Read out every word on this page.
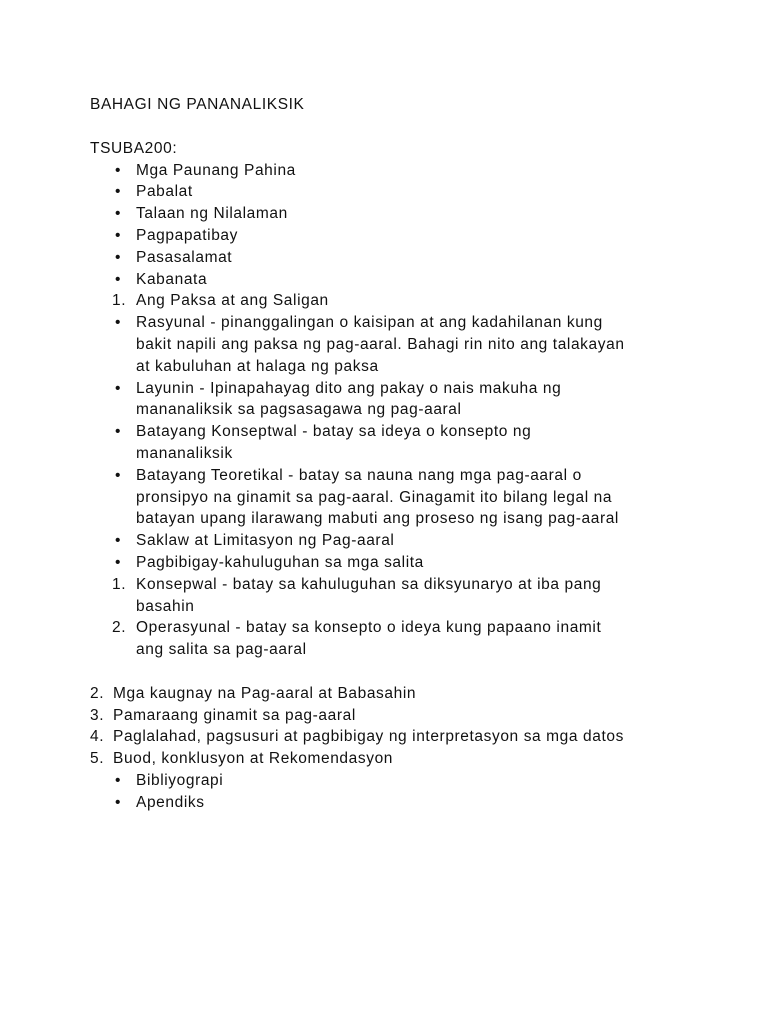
BAHAGI NG PANANALIKSIK
TSUBA200:
• Mga Paunang Pahina
• Pabalat
• Talaan ng Nilalaman
• Pagpapatibay
• Pasasalamat
• Kabanata
1. Ang Paksa at ang Saligan
• Rasyunal - pinanggalingan o kaisipan at ang kadahilanan kung
bakit napili ang paksa ng pag-aaral. Bahagi rin nito ang talakayan
at kabuluhan at halaga ng paksa
• Layunin - Ipinapahayag dito ang pakay o nais makuha ng
mananaliksik sa pagsasagawa ng pag-aaral
• Batayang Konseptwal - batay sa ideya o konsepto ng
mananaliksik
• Batayang Teoretikal - batay sa nauna nang mga pag-aaral o
pronsipyo na ginamit sa pag-aaral. Ginagamit ito bilang legal na
batayan upang ilarawang mabuti ang proseso ng isang pag-aaral
• Saklaw at Limitasyon ng Pag-aaral
• Pagbibigay-kahuluguhan sa mga salita
1. Konsepwal - batay sa kahuluguhan sa diksyunaryo at iba pang
basahin
2. Operasyunal - batay sa konsepto o ideya kung papaano inamit
ang salita sa pag-aaral
2. Mga kaugnay na Pag-aaral at Babasahin
3. Pamaraang ginamit sa pag-aaral
4. Paglalahad, pagsusuri at pagbibigay ng interpretasyon sa mga datos
5. Buod, konklusyon at Rekomendasyon
• Bibliyograpi
• Apendiks
